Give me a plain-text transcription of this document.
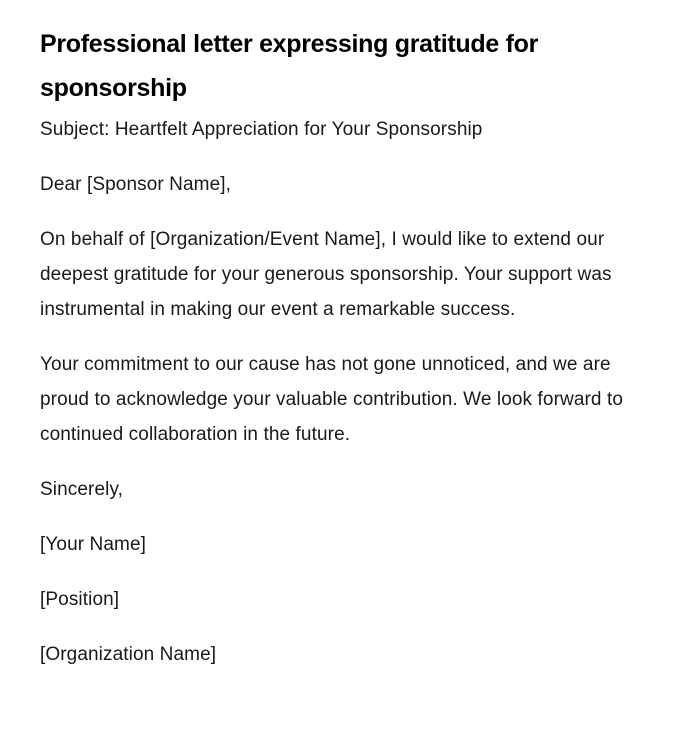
Professional letter expressing gratitude for sponsorship

Subject: Heartfelt Appreciation for Your Sponsorship

Dear [Sponsor Name],

On behalf of [Organization/Event Name], I would like to extend our deepest gratitude for your generous sponsorship. Your support was instrumental in making our event a remarkable success.

Your commitment to our cause has not gone unnoticed, and we are proud to acknowledge your valuable contribution. We look forward to continued collaboration in the future.

Sincerely,

[Your Name]

[Position]

[Organization Name]
